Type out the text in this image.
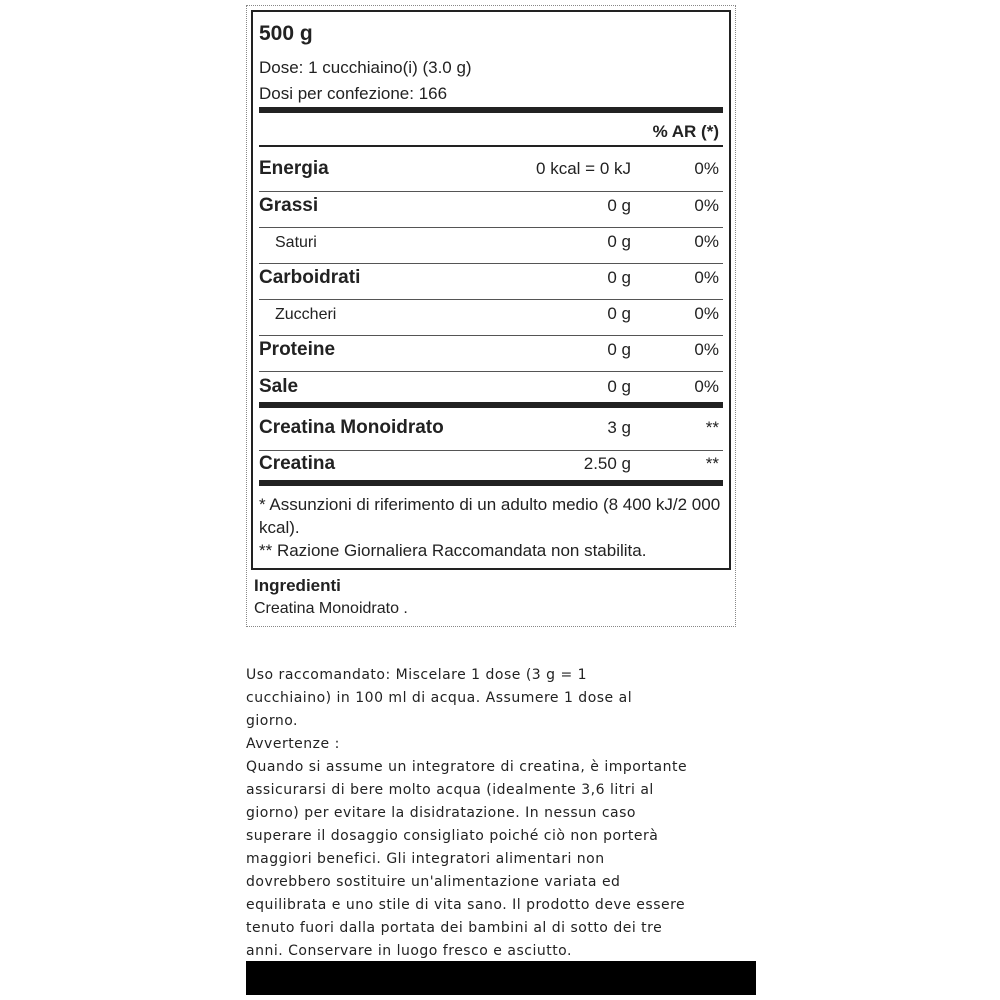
500 g
Dose: 1 cucchiaino(i) (3.0 g)
Dosi per confezione: 166
% AR (*)
Energia	0 kcal = 0 kJ	0%
Grassi	0 g	0%
Saturi	0 g	0%
Carboidrati	0 g	0%
Zuccheri	0 g	0%
Proteine	0 g	0%
Sale	0 g	0%
Creatina Monoidrato	3 g	**
Creatina	2.50 g	**
* Assunzioni di riferimento di un adulto medio (8 400 kJ/2 000 kcal).
** Razione Giornaliera Raccomandata non stabilita.
Ingredienti
Creatina Monoidrato .
Uso raccomandato: Miscelare 1 dose (3 g = 1
cucchiaino) in 100 ml di acqua. Assumere 1 dose al
giorno.
Avvertenze :
Quando si assume un integratore di creatina, è importante
assicurarsi di bere molto acqua (idealmente 3,6 litri al
giorno) per evitare la disidratazione. In nessun caso
superare il dosaggio consigliato poiché ciò non porterà
maggiori benefici. Gli integratori alimentari non
dovrebbero sostituire un'alimentazione variata ed
equilibrata e uno stile di vita sano. Il prodotto deve essere
tenuto fuori dalla portata dei bambini al di sotto dei tre
anni. Conservare in luogo fresco e asciutto.
